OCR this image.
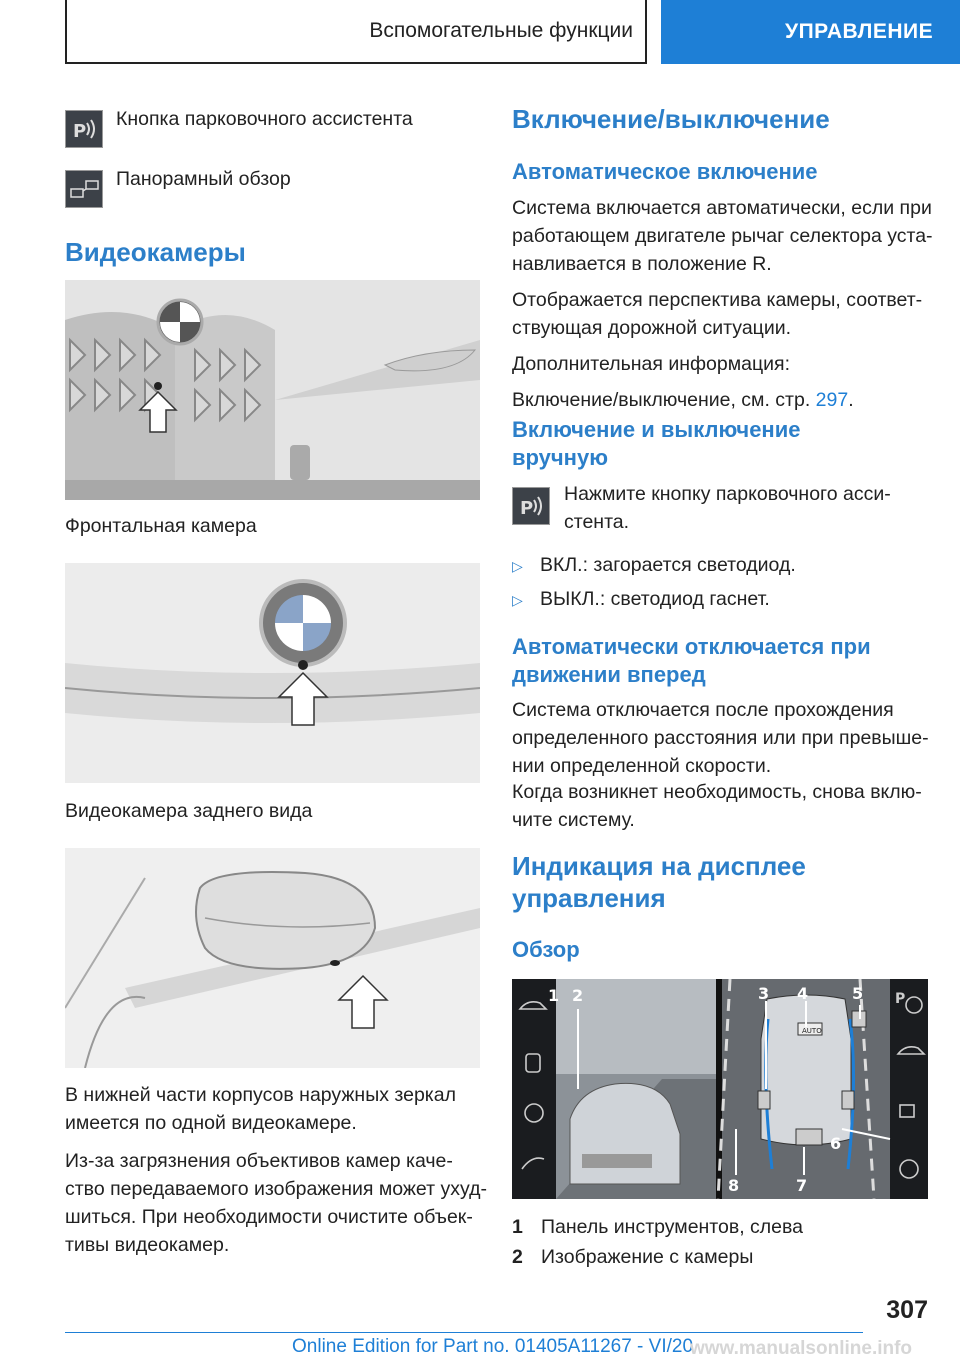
Вспомогательные функции	УПРАВЛЕНИЕ
P
Кнопка парковочного ассистента
Панорамный обзор
Видеокамеры
Фронтальная камера
Видеокамера заднего вида
В нижней части корпусов наружных зеркал
имеется по одной видеокамере.
Из-за загрязнения объективов камер каче-
ство передаваемого изображения может ухуд-
шиться. При необходимости очистите объек-
тивы видеокамер.
Включение/выключение
Автоматическое включение
Система включается автоматически, если при
работающем двигателе рычаг селектора уста-
навливается в положение R.
Отображается перспектива камеры, соответ-
ствующая дорожной ситуации.
Дополнительная информация:
Включение/выключение, см. стр. 297.
Включение и выключение
вручную
P
Нажмите кнопку парковочного асси-
стента.
▷ ВКЛ.: загорается светодиод.
▷ ВЫКЛ.: светодиод гаснет.
Автоматически отключается при
движении вперед
Система отключается после прохождения
определенного расстояния или при превыше-
нии определенной скорости.
Когда возникнет необходимость, снова вклю-
чите систему.
Индикация на дисплее
управления
Обзор
AUTO
P
1 2	3 4	5
6
7
8
1 Панель инструментов, слева
2 Изображение с камеры
307
Online Edition for Part no. 01405A11267 - VI/20
www.manualsonline.info
